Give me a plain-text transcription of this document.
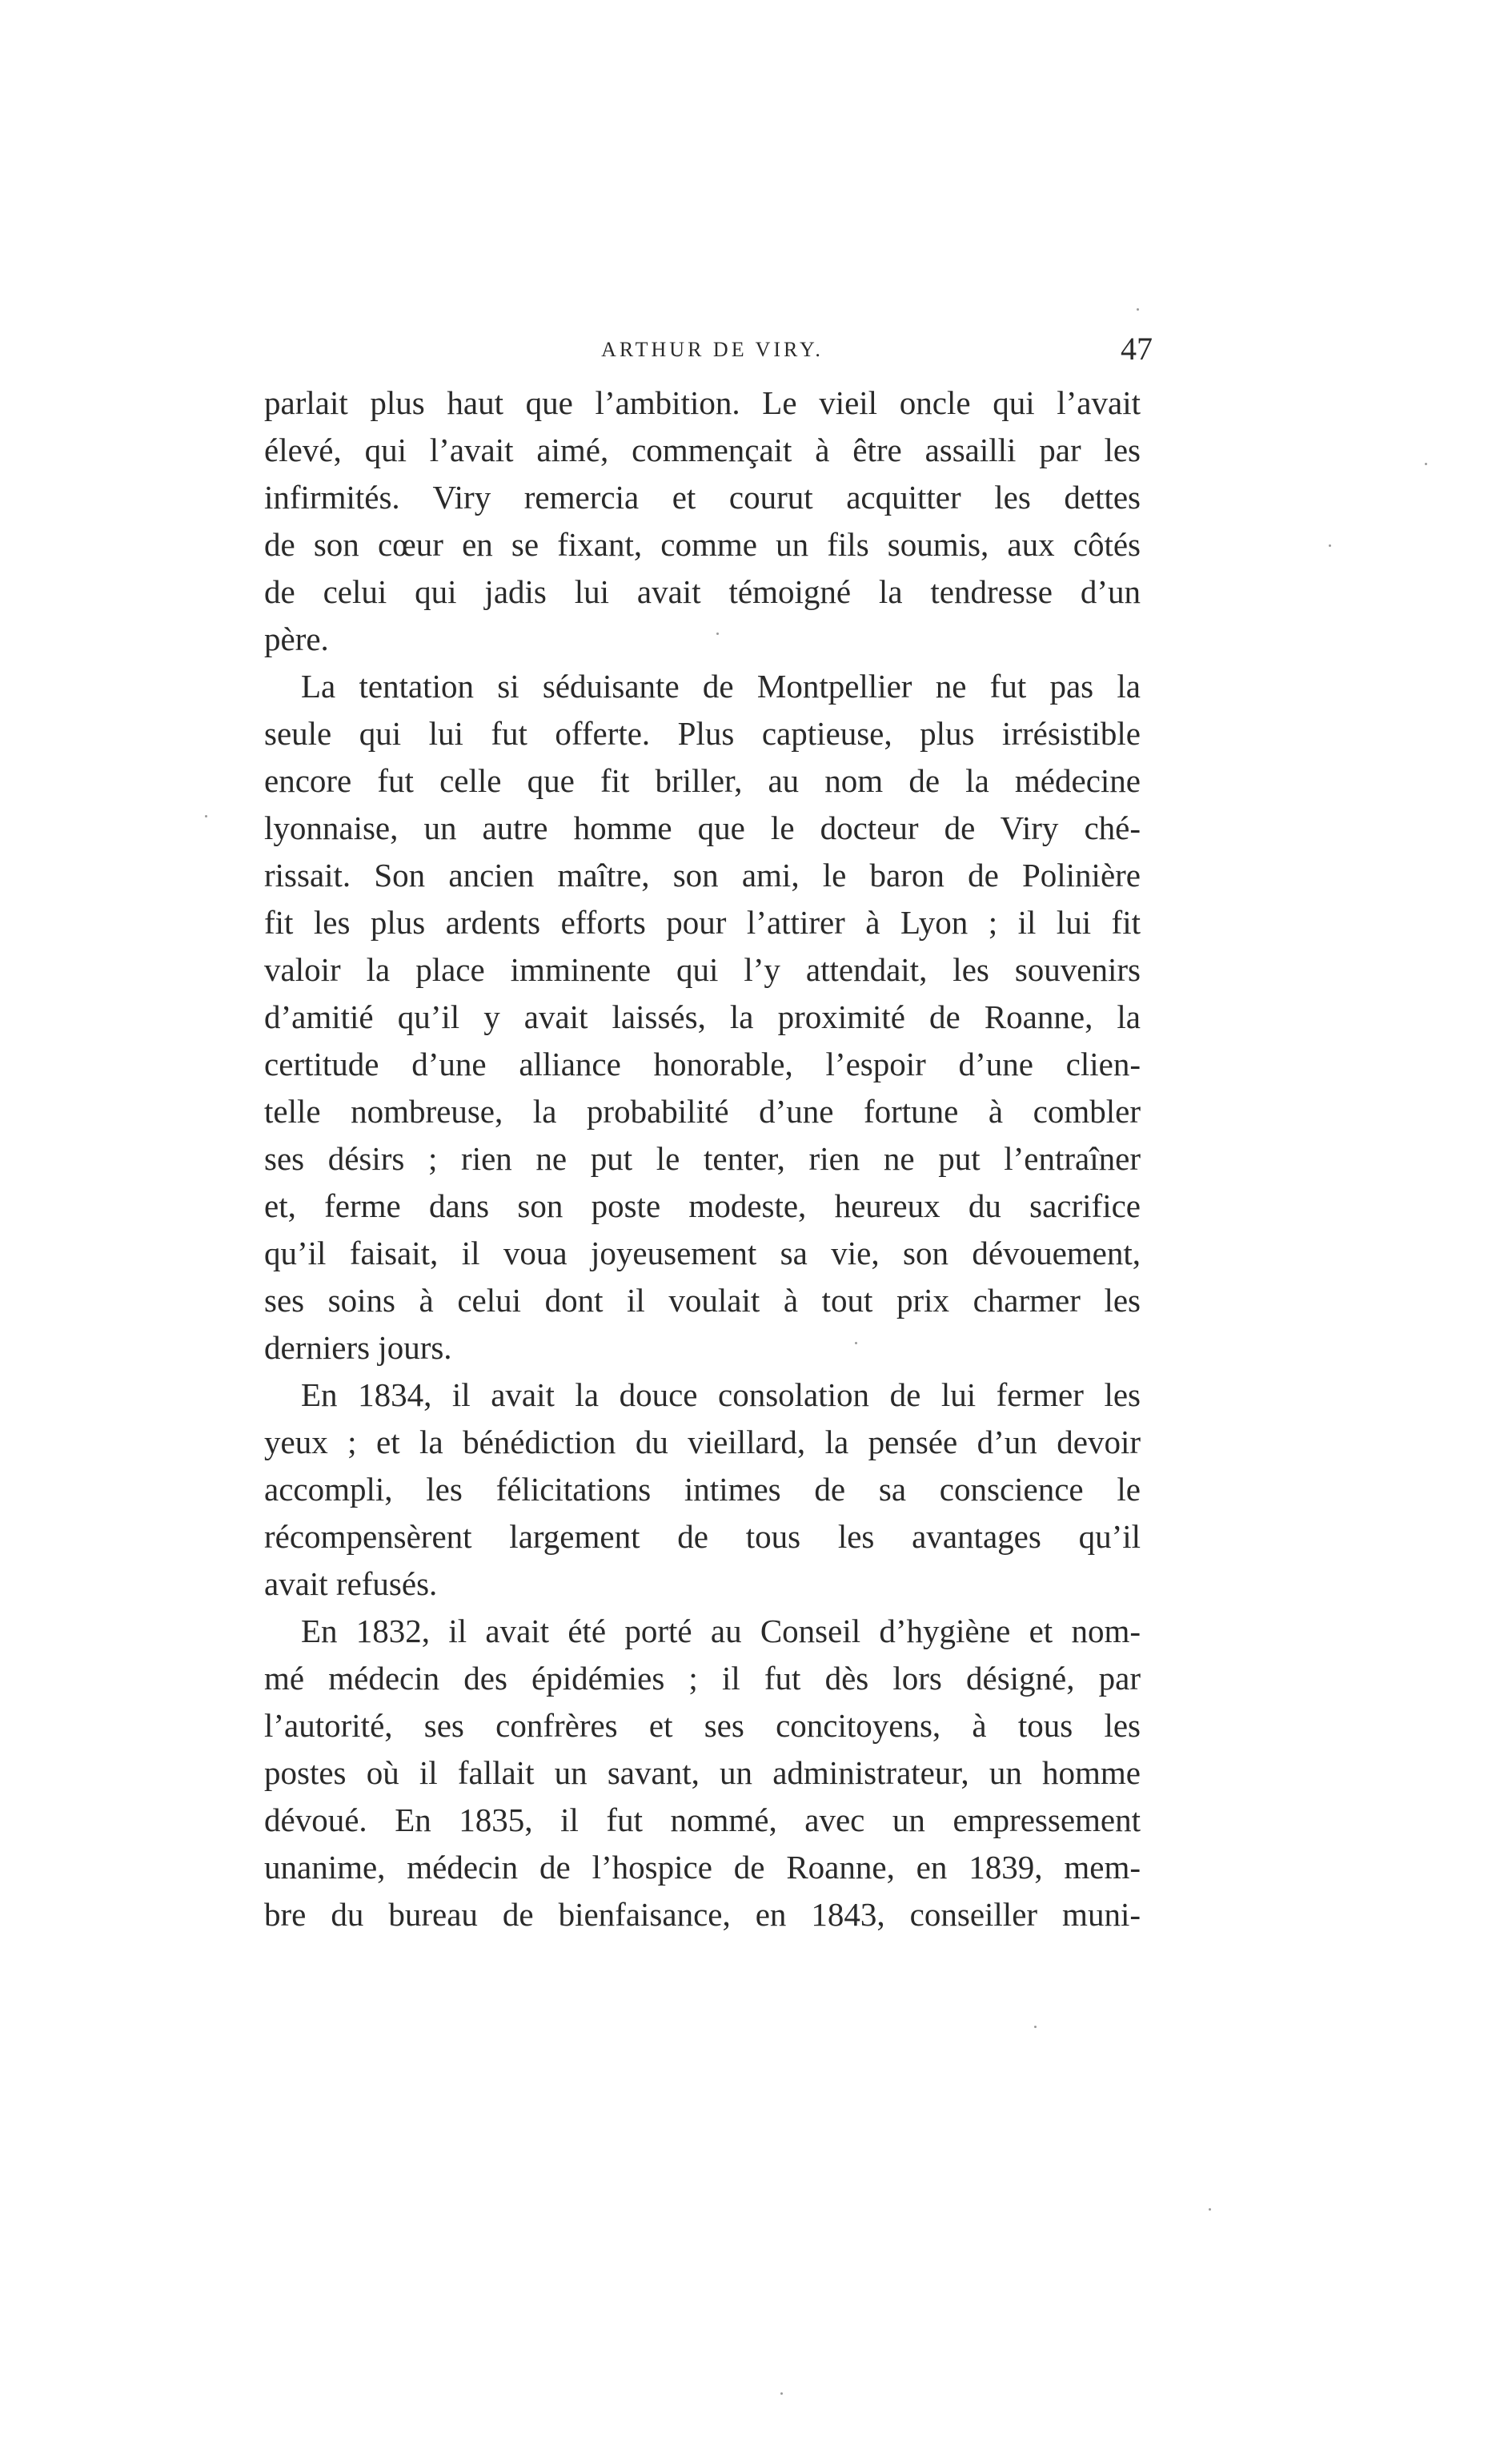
ARTHUR DE VIRY.	47
parlait plus haut que l’ambition. Le vieil oncle qui l’avait
élevé, qui l’avait aimé, commençait à être assailli par les
infirmités. Viry remercia et courut acquitter les dettes
de son cœur en se fixant, comme un fils soumis, aux côtés
de celui qui jadis lui avait témoigné la tendresse d’un
père.
La tentation si séduisante de Montpellier ne fut pas la
seule qui lui fut offerte. Plus captieuse, plus irrésistible
encore fut celle que fit briller, au nom de la médecine
lyonnaise, un autre homme que le docteur de Viry ché-
rissait. Son ancien maître, son ami, le baron de Polinière
fit les plus ardents efforts pour l’attirer à Lyon ; il lui fit
valoir la place imminente qui l’y attendait, les souvenirs
d’amitié qu’il y avait laissés, la proximité de Roanne, la
certitude d’une alliance honorable, l’espoir d’une clien-
telle nombreuse, la probabilité d’une fortune à combler
ses désirs ; rien ne put le tenter, rien ne put l’entraîner
et, ferme dans son poste modeste, heureux du sacrifice
qu’il faisait, il voua joyeusement sa vie, son dévouement,
ses soins à celui dont il voulait à tout prix charmer les
derniers jours.
En 1834, il avait la douce consolation de lui fermer les
yeux ; et la bénédiction du vieillard, la pensée d’un devoir
accompli, les félicitations intimes de sa conscience le
récompensèrent largement de tous les avantages qu’il
avait refusés.
En 1832, il avait été porté au Conseil d’hygiène et nom-
mé médecin des épidémies ; il fut dès lors désigné, par
l’autorité, ses confrères et ses concitoyens, à tous les
postes où il fallait un savant, un administrateur, un homme
dévoué. En 1835, il fut nommé, avec un empressement
unanime, médecin de l’hospice de Roanne, en 1839, mem-
bre du bureau de bienfaisance, en 1843, conseiller muni-
